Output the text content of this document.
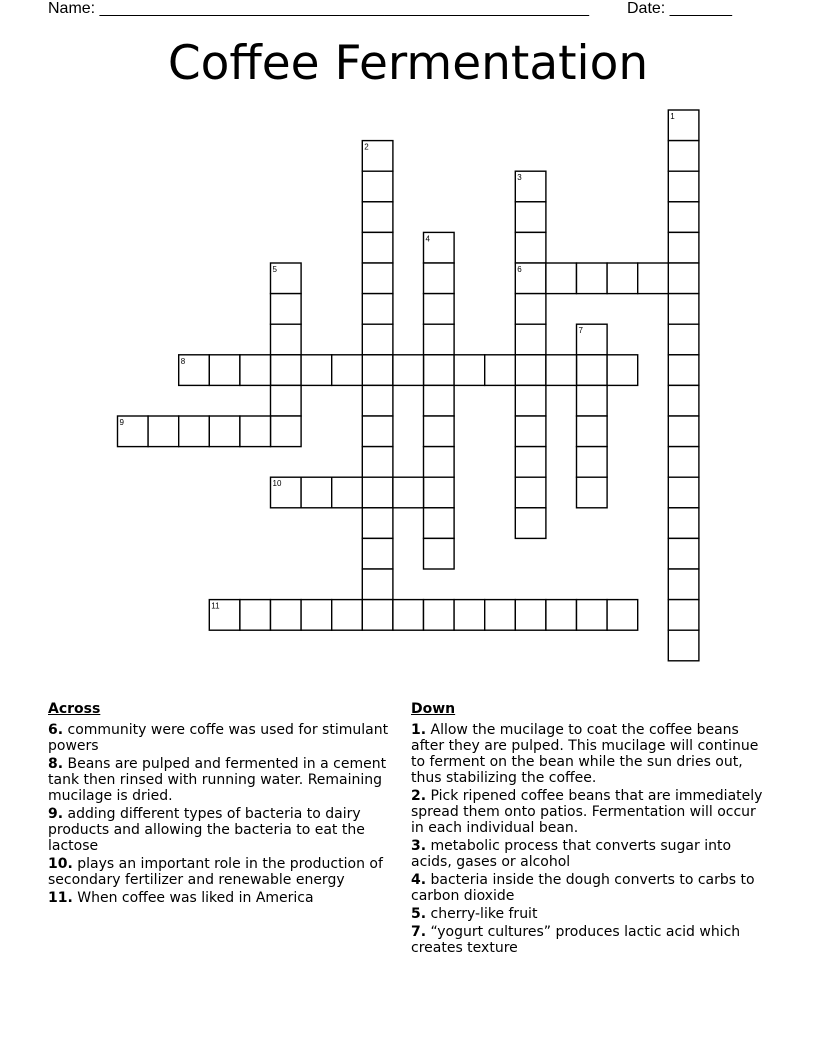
Name: _______________________________________________________ Date: _______
Coffee Fermentation
1
2
3
4
5	6
7
8
9
10
11
Across
6. community were coffe was used for stimulant powers
8. Beans are pulped and fermented in a cement tank then rinsed with running water. Remaining mucilage is dried.
9. adding different types of bacteria to dairy products and allowing the bacteria to eat the lactose
10. plays an important role in the production of secondary fertilizer and renewable energy
11. When coffee was liked in America
Down
1. Allow the mucilage to coat the coffee beans after they are pulped. This mucilage will continue to ferment on the bean while the sun dries out, thus stabilizing the coffee.
2. Pick ripened coffee beans that are immediately spread them onto patios. Fermentation will occur in each individual bean.
3. metabolic process that converts sugar into acids, gases or alcohol
4. bacteria inside the dough converts to carbs to carbon dioxide
5. cherry-like fruit
7. “yogurt cultures” produces lactic acid which creates texture
